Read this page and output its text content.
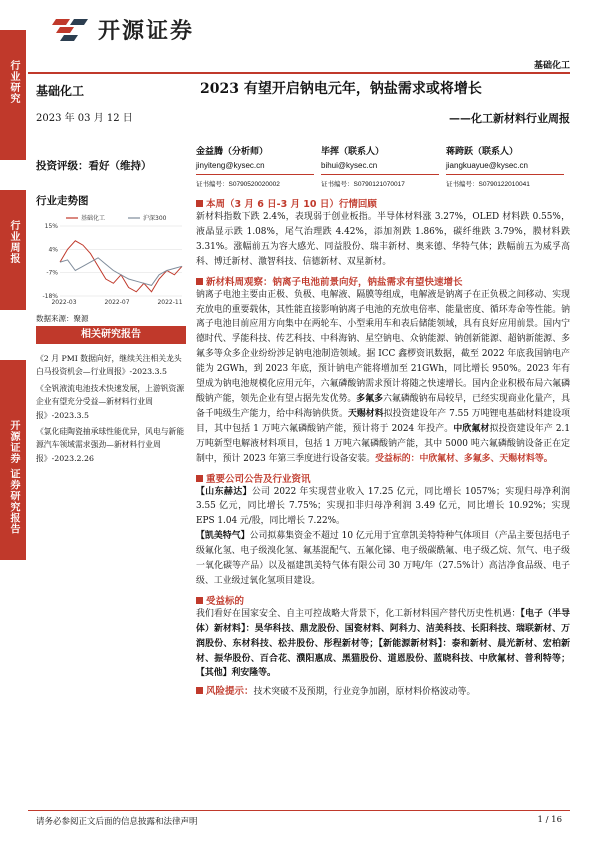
行业研究
行业周报
开源证券 证券研究报告
开源证券
基础化工
基础化工
2023 年 03 月 12 日
投资评级：看好（维持）
行业走势图
15%
4%
-7%
-18%
2022-03	2022-07	2022-11
基础化工	沪深300
数据来源：聚源
相关研究报告
《2 月 PMI 数据向好，继续关注相关龙头白马投资机会—行业周报》-2023.3.5
《全钒液流电池技术快速发展，上游钒资源企业有望充分受益—新材料行业周报》-2023.3.5
《氯化硅陶瓷抽承球性能优异，风电与新能源汽车领域需求强劲—新材料行业周报》-2023.2.26
2023 有望开启钠电元年，钠盐需求或将增长
——化工新材料行业周报
金益腾（分析师）
jinyiteng@kysec.cn
证书编号：S0790520020002
毕挥（联系人）
bihui@kysec.cn
证书编号：S0790121070017
蒋跨跃（联系人）
jiangkuayue@kysec.cn
证书编号：S0790122010041
本周（3 月 6 日-3 月 10 日）行情回顾
新材料指数下跌 2.4%，表现弱于创业板指。半导体材料涨 3.27%，OLED 材料跌 0.55%，液晶显示跌 1.08%，尾气治理跌 4.42%，添加剂跌 1.86%，碳纤维跌 3.79%，膜材料跌 3.31%。涨幅前五为容大感光、同益股份、瑞丰新材、奥来德、华特气体；跌幅前五为威孚高科、博迁新材、激智科技、信德新材、双星新材。
新材料周观察：钠离子电池前景向好，钠盐需求有望快速增长
钠离子电池主要由正极、负极、电解液、隔膜等组成，电解液是钠离子在正负极之间移动、实现充放电的重要载体，其性能直接影响钠离子电池的充放电倍率、能量密度、循环寿命等性能。钠离子电池目前应用方向集中在两轮车、小型乘用车和表后储能领域，具有良好应用前景。国内宁德时代、孚能科技、传艺科技、中科海钠、星空钠电、众钠能源、钠创新能源、超钠新能源、多氟多等众多企业纷纷涉足钠电池制造领域。据 ICC 鑫椤资讯数据，截至 2022 年底我国钠电产能为 2GWh，到 2023 年底，预计钠电产能将增加至 21GWh，同比增长 950%。2023 年有望成为钠电池规模化应用元年，六氟磷酸钠需求预计将随之快速增长。国内企业积极布局六氟磷酸钠产能，领先企业有望占据先发优势。多氟多六氟磷酸钠布局较早，已经实现商业化量产，具备千吨级生产能力，给中科海钠供货。天赐材料拟投资建设年产 7.55 万吨锂电基础材料建设项目，其中包括 1 万吨六氟磷酸钠产能，预计将于 2024 年投产。中欣氟材拟投资建设年产 2.1 万吨新型电解液材料项目，包括 1 万吨六氟磷酸钠产能，其中 5000 吨六氟磷酸钠设备正在定制中，预计 2023 年第三季度进行设备安装。受益标的：中欣氟材、多氟多、天赐材料等。
重要公司公告及行业资讯
【山东赫达】公司 2022 年实现营业收入 17.25 亿元，同比增长 1057%；实现归母净利润 3.55 亿元，同比增长 7.75%；实现扣非归母净利润 3.49 亿元，同比增长 10.92%；实现 EPS 1.04 元/股，同比增长 7.22%。
【凯美特气】公司拟募集资金不超过 10 亿元用于宜章凯美特特种气体项目（产品主要包括电子级氟化氢、电子级溴化氢、氟基混配气、五氟化锑、电子级碳酰氟、电子级乙烷、氘气、电子级一氧化碳等产品）以及福建凯美特气体有限公司 30 万吨/年（27.5%计）高洁净食品级、电子级、工业级过氧化氢项目建设。
受益标的
我们看好在国家安全、自主可控战略大背景下，化工新材料国产替代历史性机遇：【电子（半导体）新材料】：昊华科技、鼎龙股份、国瓷材料、阿科力、洁美科技、长阳科技、瑞联新材、万润股份、东材科技、松井股份、彤程新材等；【新能源新材料】：泰和新材、晨光新材、宏柏新材、振华股份、百合花、濮阳惠成、黑猫股份、道恩股份、蓝晓科技、中欣氟材、普利特等；【其他】利安隆等。
风险提示：技术突破不及预期，行业竞争加剧，原材料价格波动等。
请务必参阅正文后面的信息披露和法律声明	1 / 16
